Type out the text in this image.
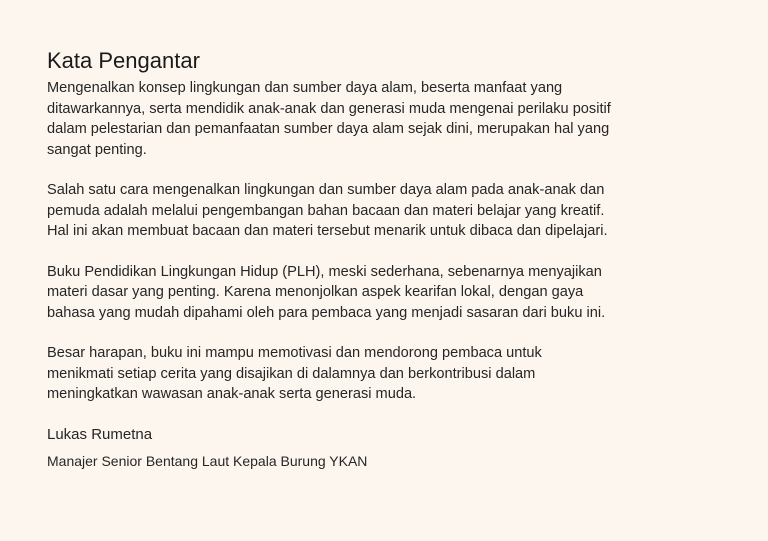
Kata Pengantar
Mengenalkan konsep lingkungan dan sumber daya alam, beserta manfaat yang
ditawarkannya, serta mendidik anak-anak dan generasi muda mengenai perilaku positif
dalam pelestarian dan pemanfaatan sumber daya alam sejak dini, merupakan hal yang
sangat penting.
Salah satu cara mengenalkan lingkungan dan sumber daya alam pada anak-anak dan
pemuda adalah melalui pengembangan bahan bacaan dan materi belajar yang kreatif.
Hal ini akan membuat bacaan dan materi tersebut menarik untuk dibaca dan dipelajari.
Buku Pendidikan Lingkungan Hidup (PLH), meski sederhana, sebenarnya menyajikan
materi dasar yang penting. Karena menonjolkan aspek kearifan lokal, dengan gaya
bahasa yang mudah dipahami oleh para pembaca yang menjadi sasaran dari buku ini.
Besar harapan, buku ini mampu memotivasi dan mendorong pembaca untuk
menikmati setiap cerita yang disajikan di dalamnya dan berkontribusi dalam
meningkatkan wawasan anak-anak serta generasi muda.

Lukas Rumetna

Manajer Senior Bentang Laut Kepala Burung YKAN
